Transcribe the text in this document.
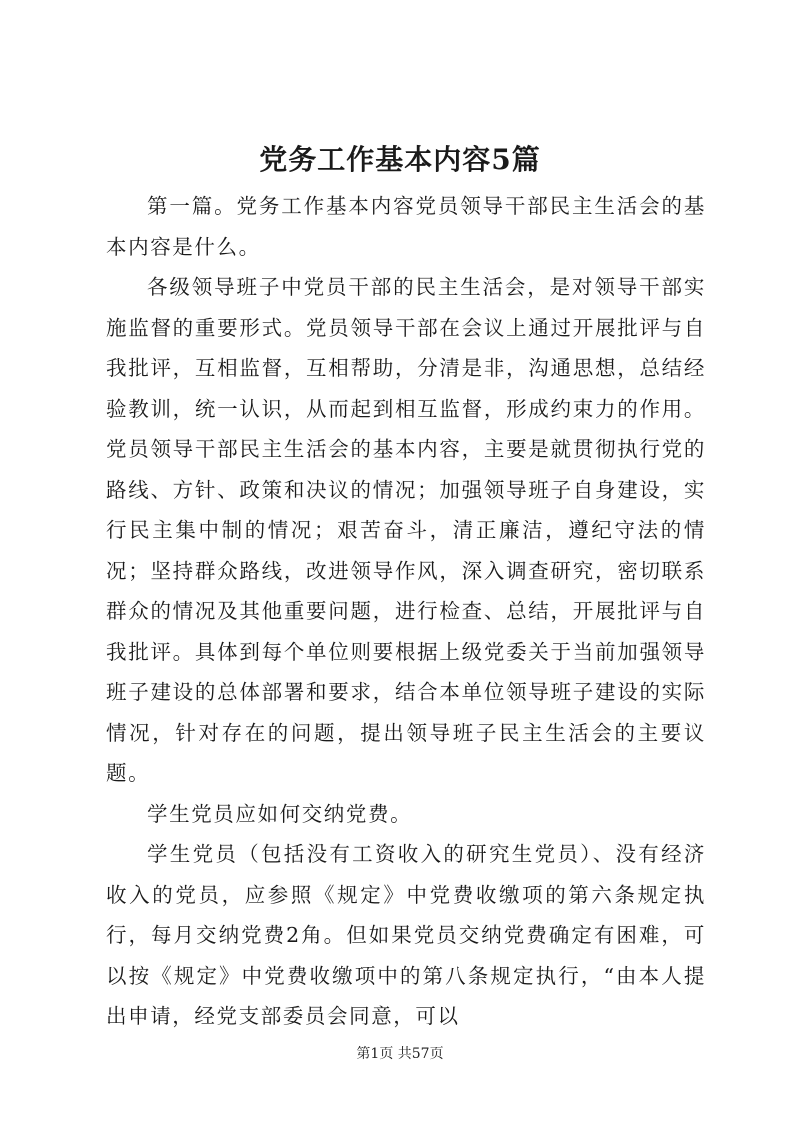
党务工作基本内容5篇

第一篇。党务工作基本内容党员领导干部民主生活会的基本内容是什么。

各级领导班子中党员干部的民主生活会，是对领导干部实施监督的重要形式。党员领导干部在会议上通过开展批评与自我批评，互相监督，互相帮助，分清是非，沟通思想，总结经验教训，统一认识，从而起到相互监督，形成约束力的作用。党员领导干部民主生活会的基本内容，主要是就贯彻执行党的路线、方针、政策和决议的情况；加强领导班子自身建设，实行民主集中制的情况；艰苦奋斗，清正廉洁，遵纪守法的情况；坚持群众路线，改进领导作风，深入调查研究，密切联系群众的情况及其他重要问题，进行检查、总结，开展批评与自我批评。具体到每个单位则要根据上级党委关于当前加强领导班子建设的总体部署和要求，结合本单位领导班子建设的实际情况，针对存在的问题，提出领导班子民主生活会的主要议题。

学生党员应如何交纳党费。

学生党员（包括没有工资收入的研究生党员）、没有经济收入的党员，应参照《规定》中党费收缴项的第六条规定执行，每月交纳党费2角。但如果党员交纳党费确定有困难，可以按《规定》中党费收缴项中的第八条规定执行，“由本人提出申请，经党支部委员会同意，可以

第1页 共57页
